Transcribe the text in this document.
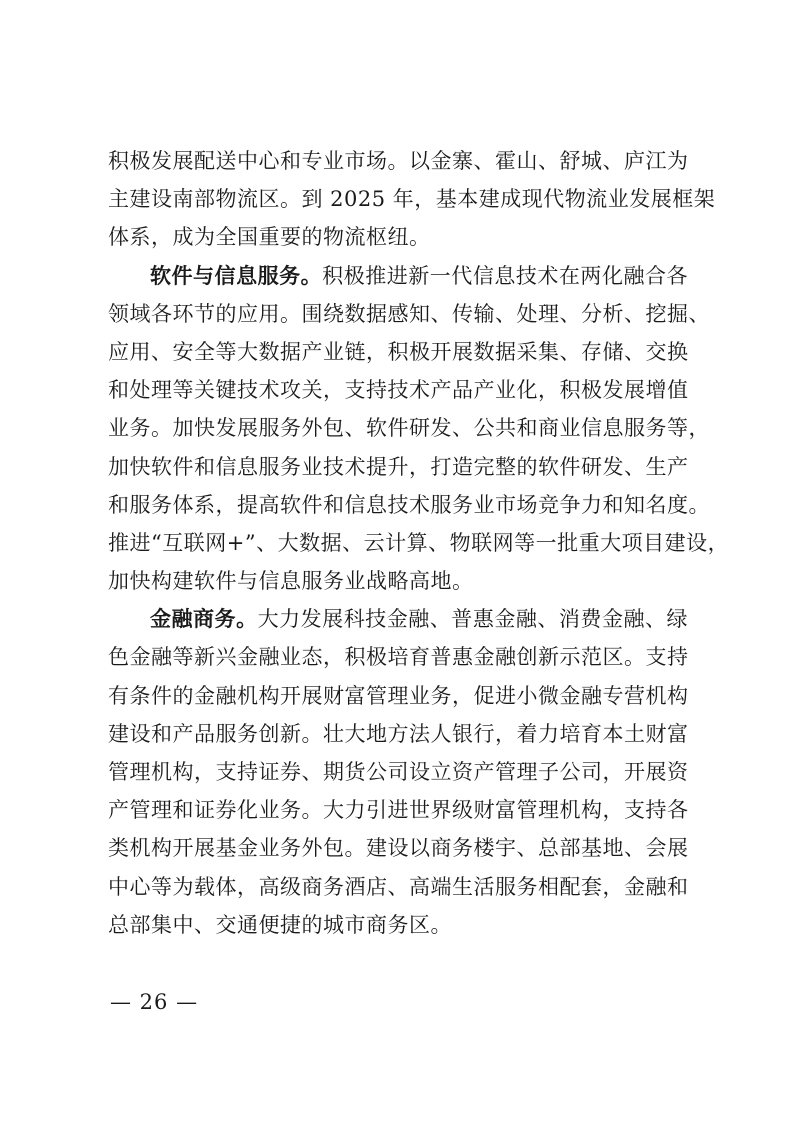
积极发展配送中心和专业市场。以金寨、霍山、舒城、庐江为
主建设南部物流区。到 2025 年，基本建成现代物流业发展框架
体系，成为全国重要的物流枢纽。
软件与信息服务。积极推进新一代信息技术在两化融合各
领域各环节的应用。围绕数据感知、传输、处理、分析、挖掘、
应用、安全等大数据产业链，积极开展数据采集、存储、交换
和处理等关键技术攻关，支持技术产品产业化，积极发展增值
业务。加快发展服务外包、软件研发、公共和商业信息服务等，
加快软件和信息服务业技术提升，打造完整的软件研发、生产
和服务体系，提高软件和信息技术服务业市场竞争力和知名度。
推进“互联网+”、大数据、云计算、物联网等一批重大项目建设，
加快构建软件与信息服务业战略高地。
金融商务。大力发展科技金融、普惠金融、消费金融、绿
色金融等新兴金融业态，积极培育普惠金融创新示范区。支持
有条件的金融机构开展财富管理业务，促进小微金融专营机构
建设和产品服务创新。壮大地方法人银行，着力培育本土财富
管理机构，支持证券、期货公司设立资产管理子公司，开展资
产管理和证券化业务。大力引进世界级财富管理机构，支持各
类机构开展基金业务外包。建设以商务楼宇、总部基地、会展
中心等为载体，高级商务酒店、高端生活服务相配套，金融和
总部集中、交通便捷的城市商务区。
— 26 —
